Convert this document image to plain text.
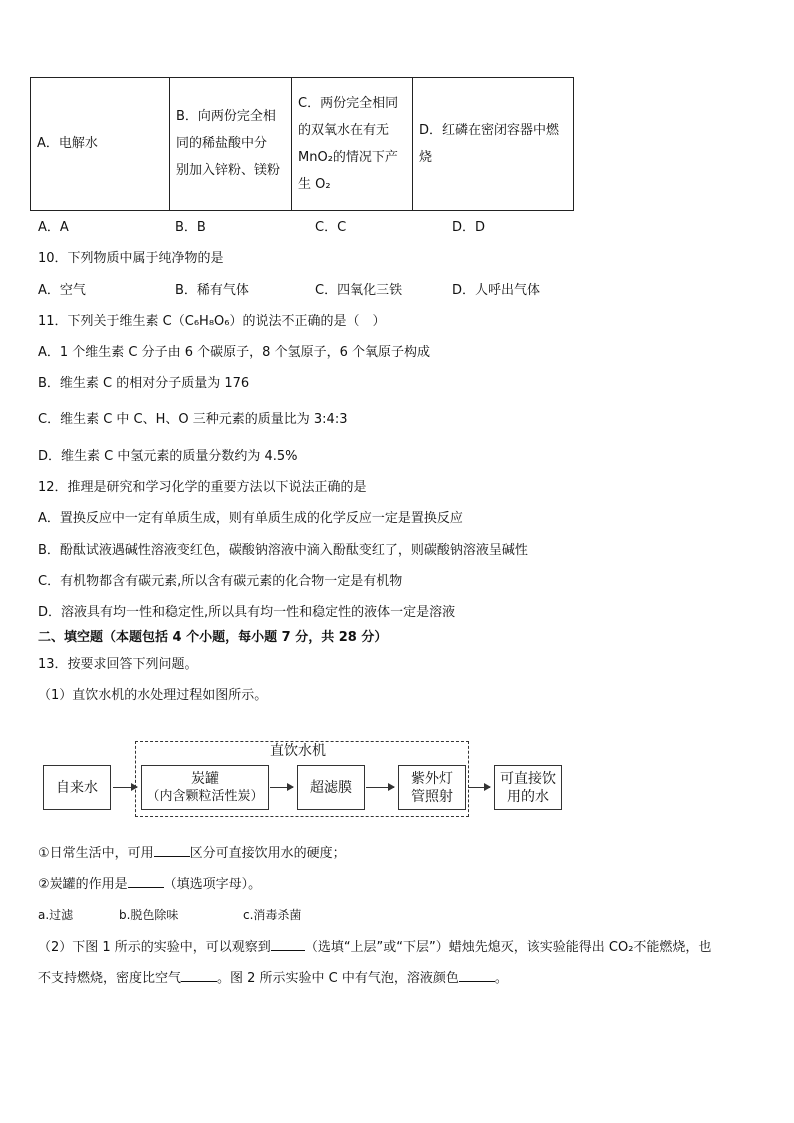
A．电解水	
B．向两份完全相
同的稀盐酸中分
别加入锌粉、镁粉

C．两份完全相同
的双氧水在有无
MnO₂的情况下产
生 O₂

D．红磷在密闭容器中燃
烧
A．A	B．B	C．C	D．D
10．下列物质中属于纯净物的是
A．空气	B．稀有气体	C．四氧化三铁	D．人呼出气体
11．下列关于维生素 C（C₆H₈O₆）的说法不正确的是（　）
A．1 个维生素 C 分子由 6 个碳原子，8 个氢原子，6 个氧原子构成
B．维生素 C 的相对分子质量为 176
C．维生素 C 中 C、H、O 三种元素的质量比为 3:4:3
D．维生素 C 中氢元素的质量分数约为 4.5%
12．推理是研究和学习化学的重要方法以下说法正确的是
A．置换反应中一定有单质生成，则有单质生成的化学反应一定是置换反应
B．酚酞试液遇碱性溶液变红色，碳酸钠溶液中滴入酚酞变红了，则碳酸钠溶液呈碱性
C．有机物都含有碳元素,所以含有碳元素的化合物一定是有机物
D．溶液具有均一性和稳定性,所以具有均一性和稳定性的液体一定是溶液
二、填空题（本题包括 4 个小题，每小题 7 分，共 28 分）
13．按要求回答下列问题。
（1）直饮水机的水处理过程如图所示。
直饮水机
自来水
炭罐
（内含颗粒活性炭）
超滤膜
紫外灯
管照射
可直接饮
用的水
①日常生活中，可用	区分可直接饮用水的硬度；
②炭罐的作用是	（填选项字母）。
a.过滤	b.脱色除味	c.消毒杀菌
（2）下图 1 所示的实验中，可以观察到	（选填“上层”或“下层”）蜡烛先熄灭，该实验能得出 CO₂不能燃烧，也
不支持燃烧，密度比空气	。图 2 所示实验中 C 中有气泡，溶液颜色	。
